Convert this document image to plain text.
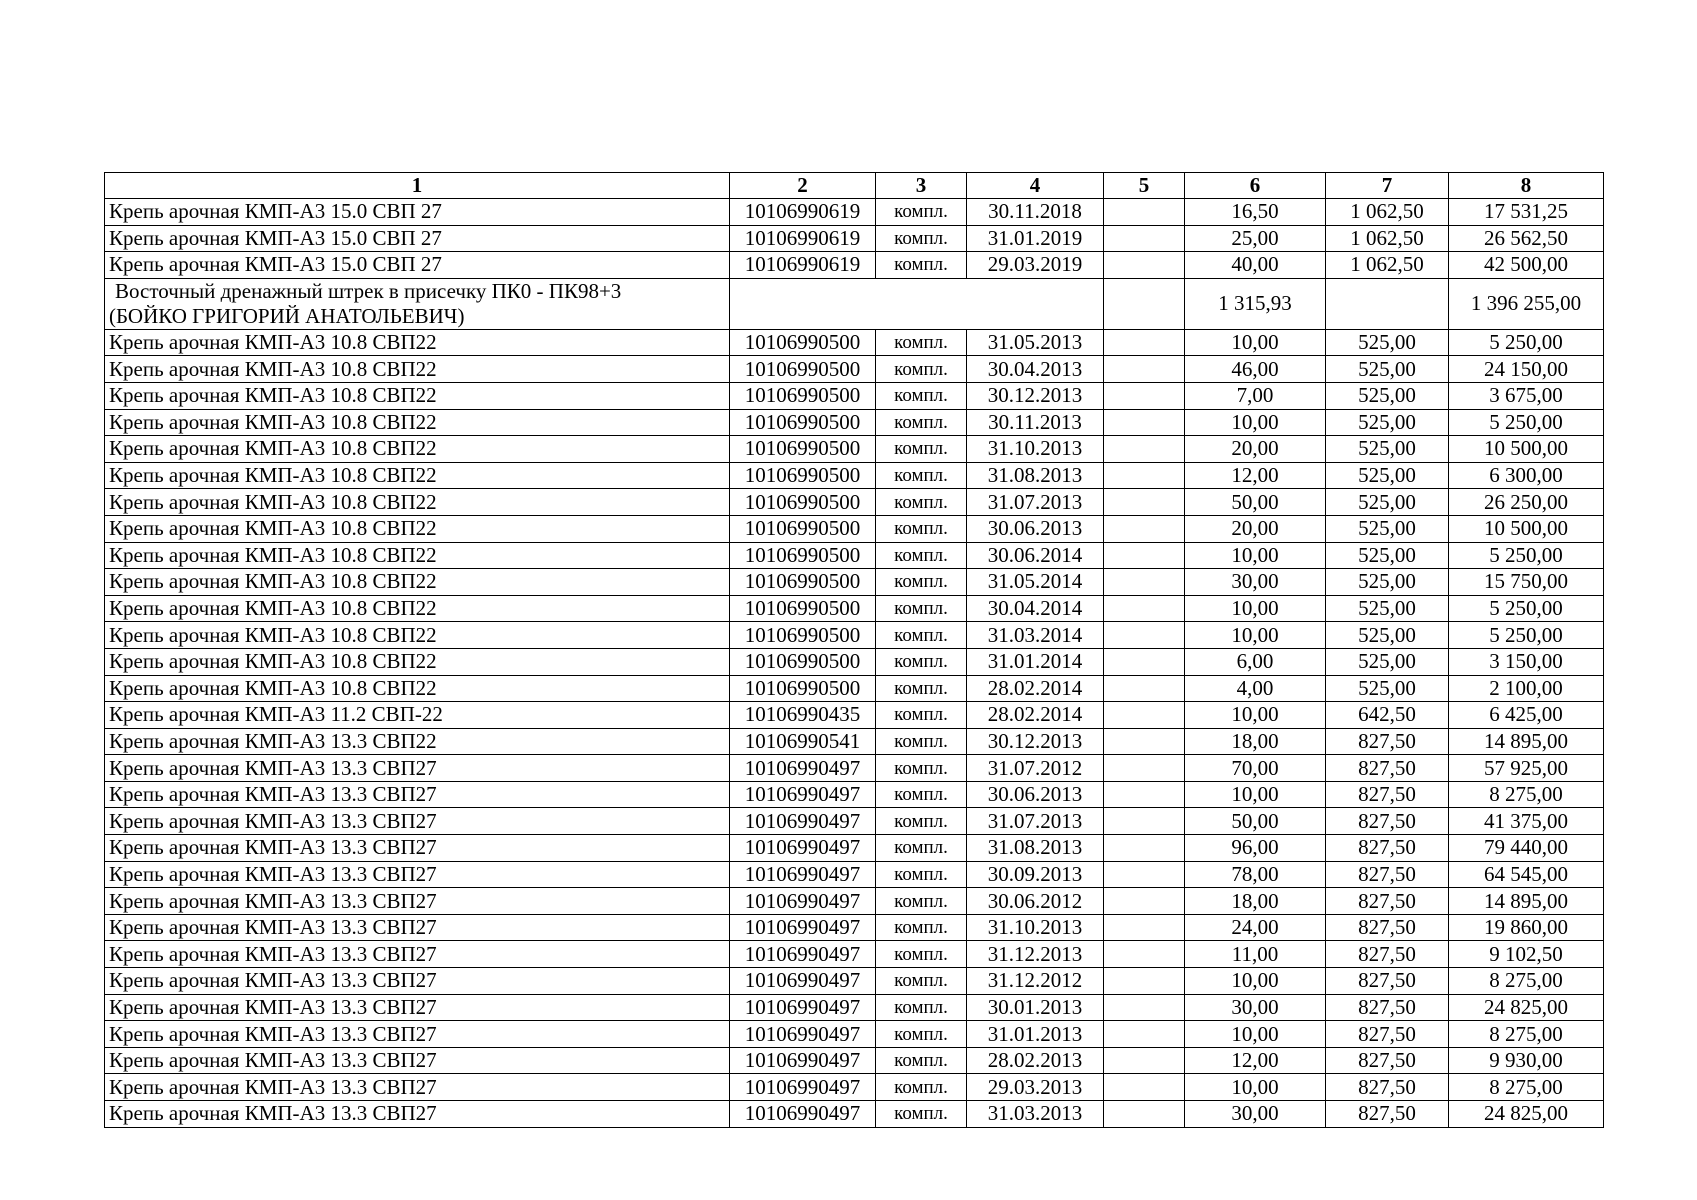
1	2	3	4	5	6	7	8
Крепь арочная КМП-А3 15.0 СВП 27	10106990619	компл.	30.11.2018		16,50	1 062,50	17 531,25
Крепь арочная КМП-А3 15.0 СВП 27	10106990619	компл.	31.01.2019		25,00	1 062,50	26 562,50
Крепь арочная КМП-А3 15.0 СВП 27	10106990619	компл.	29.03.2019		40,00	1 062,50	42 500,00

Восточный дренажный штрек в присечку ПК0 - ПК98+3
(БОЙКО ГРИГОРИЙ АНАТОЛЬЕВИЧ)					1 315,93		1 396 255,00
Крепь арочная КМП-А3 10.8 СВП22	10106990500	компл.	31.05.2013		10,00	525,00	5 250,00
Крепь арочная КМП-А3 10.8 СВП22	10106990500	компл.	30.04.2013		46,00	525,00	24 150,00
Крепь арочная КМП-А3 10.8 СВП22	10106990500	компл.	30.12.2013		7,00	525,00	3 675,00
Крепь арочная КМП-А3 10.8 СВП22	10106990500	компл.	30.11.2013		10,00	525,00	5 250,00
Крепь арочная КМП-А3 10.8 СВП22	10106990500	компл.	31.10.2013		20,00	525,00	10 500,00
Крепь арочная КМП-А3 10.8 СВП22	10106990500	компл.	31.08.2013		12,00	525,00	6 300,00
Крепь арочная КМП-А3 10.8 СВП22	10106990500	компл.	31.07.2013		50,00	525,00	26 250,00
Крепь арочная КМП-А3 10.8 СВП22	10106990500	компл.	30.06.2013		20,00	525,00	10 500,00
Крепь арочная КМП-А3 10.8 СВП22	10106990500	компл.	30.06.2014		10,00	525,00	5 250,00
Крепь арочная КМП-А3 10.8 СВП22	10106990500	компл.	31.05.2014		30,00	525,00	15 750,00
Крепь арочная КМП-А3 10.8 СВП22	10106990500	компл.	30.04.2014		10,00	525,00	5 250,00
Крепь арочная КМП-А3 10.8 СВП22	10106990500	компл.	31.03.2014		10,00	525,00	5 250,00
Крепь арочная КМП-А3 10.8 СВП22	10106990500	компл.	31.01.2014		6,00	525,00	3 150,00
Крепь арочная КМП-А3 10.8 СВП22	10106990500	компл.	28.02.2014		4,00	525,00	2 100,00
Крепь арочная КМП-А3 11.2 СВП-22	10106990435	компл.	28.02.2014		10,00	642,50	6 425,00
Крепь арочная КМП-А3 13.3 СВП22	10106990541	компл.	30.12.2013		18,00	827,50	14 895,00
Крепь арочная КМП-А3 13.3 СВП27	10106990497	компл.	31.07.2012		70,00	827,50	57 925,00
Крепь арочная КМП-А3 13.3 СВП27	10106990497	компл.	30.06.2013		10,00	827,50	8 275,00
Крепь арочная КМП-А3 13.3 СВП27	10106990497	компл.	31.07.2013		50,00	827,50	41 375,00
Крепь арочная КМП-А3 13.3 СВП27	10106990497	компл.	31.08.2013		96,00	827,50	79 440,00
Крепь арочная КМП-А3 13.3 СВП27	10106990497	компл.	30.09.2013		78,00	827,50	64 545,00
Крепь арочная КМП-А3 13.3 СВП27	10106990497	компл.	30.06.2012		18,00	827,50	14 895,00
Крепь арочная КМП-А3 13.3 СВП27	10106990497	компл.	31.10.2013		24,00	827,50	19 860,00
Крепь арочная КМП-А3 13.3 СВП27	10106990497	компл.	31.12.2013		11,00	827,50	9 102,50
Крепь арочная КМП-А3 13.3 СВП27	10106990497	компл.	31.12.2012		10,00	827,50	8 275,00
Крепь арочная КМП-А3 13.3 СВП27	10106990497	компл.	30.01.2013		30,00	827,50	24 825,00
Крепь арочная КМП-А3 13.3 СВП27	10106990497	компл.	31.01.2013		10,00	827,50	8 275,00
Крепь арочная КМП-А3 13.3 СВП27	10106990497	компл.	28.02.2013		12,00	827,50	9 930,00
Крепь арочная КМП-А3 13.3 СВП27	10106990497	компл.	29.03.2013		10,00	827,50	8 275,00
Крепь арочная КМП-А3 13.3 СВП27	10106990497	компл.	31.03.2013		30,00	827,50	24 825,00
